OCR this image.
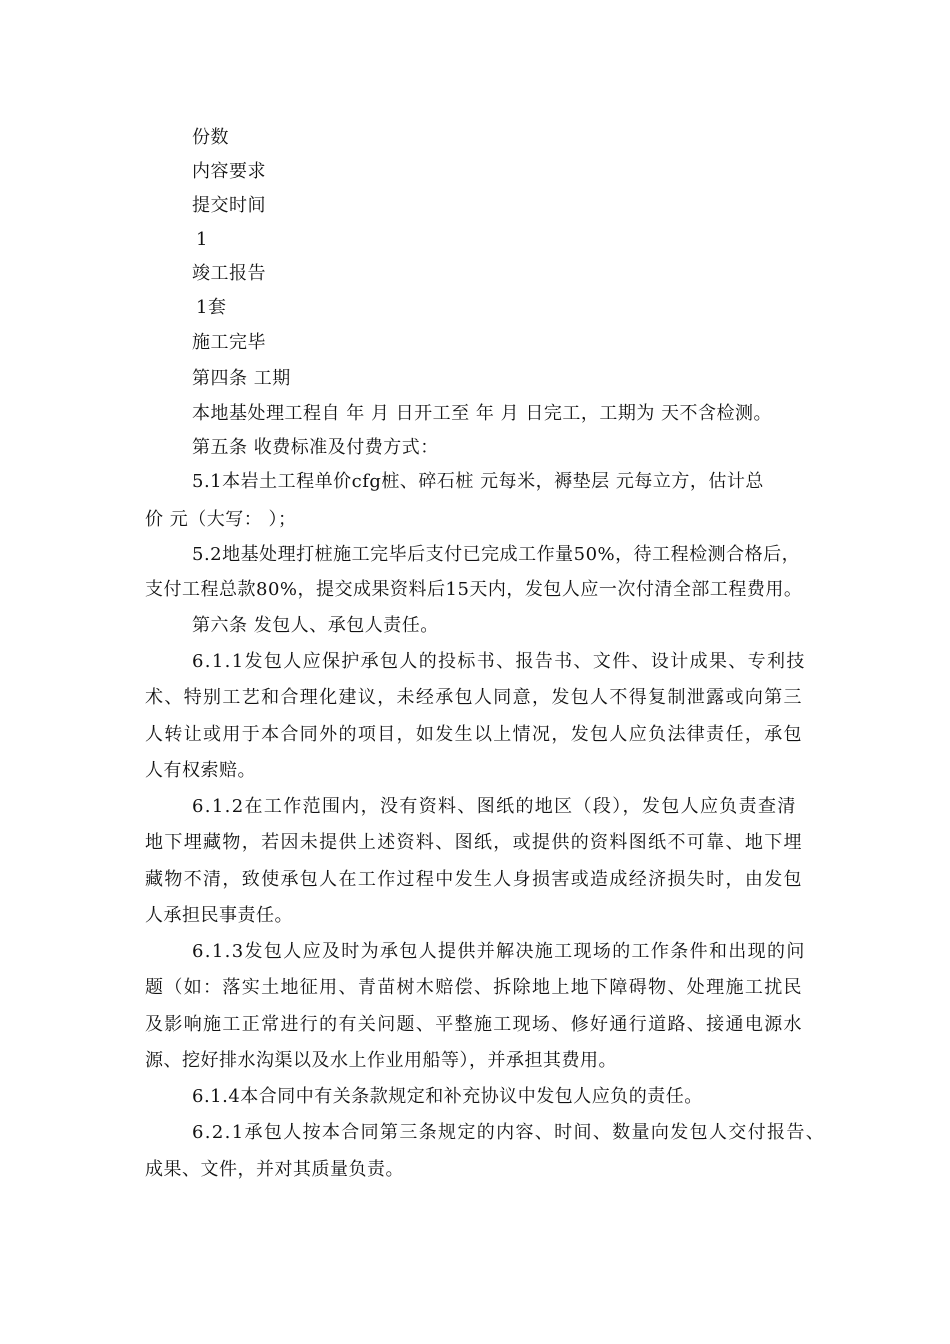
份数
内容要求
提交时间
1
竣工报告
1套
施工完毕
第四条 工期
本地基处理工程自 年 月 日开工至 年 月 日完工，工期为 天不含检测。
第五条 收费标准及付费方式：
5.1本岩土工程单价cfg桩、碎石桩 元每米，褥垫层 元每立方，估计总
价 元（大写： ）；
5.2地基处理打桩施工完毕后支付已完成工作量50%，待工程检测合格后，
支付工程总款80%，提交成果资料后15天内，发包人应一次付清全部工程费用。
第六条 发包人、承包人责任。
6.1.1发包人应保护承包人的投标书、报告书、文件、设计成果、专利技
术、特别工艺和合理化建议，未经承包人同意，发包人不得复制泄露或向第三
人转让或用于本合同外的项目，如发生以上情况，发包人应负法律责任，承包
人有权索赔。
6.1.2在工作范围内，没有资料、图纸的地区（段），发包人应负责查清
地下埋藏物，若因未提供上述资料、图纸，或提供的资料图纸不可靠、地下埋
藏物不清，致使承包人在工作过程中发生人身损害或造成经济损失时，由发包
人承担民事责任。
6.1.3发包人应及时为承包人提供并解决施工现场的工作条件和出现的问
题（如：落实土地征用、青苗树木赔偿、拆除地上地下障碍物、处理施工扰民
及影响施工正常进行的有关问题、平整施工现场、修好通行道路、接通电源水
源、挖好排水沟渠以及水上作业用船等），并承担其费用。
6.1.4本合同中有关条款规定和补充协议中发包人应负的责任。
6.2.1承包人按本合同第三条规定的内容、时间、数量向发包人交付报告、
成果、文件，并对其质量负责。
